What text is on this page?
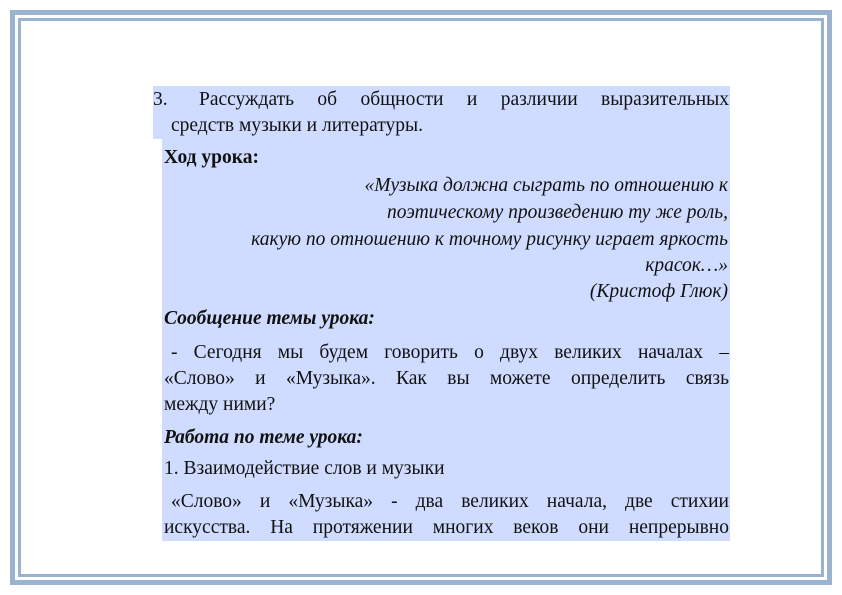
3. Рассуждать об общности и различии выразительных
средств музыки и литературы.
Ход урока:
«Музыка должна сыграть по отношению к
поэтическому произведению ту же роль,
какую по отношению к точному рисунку играет яркость
красок…»
(Кристоф Глюк)
Сообщение темы урока:
- Сегодня мы будем говорить о двух великих началах –
«Слово» и «Музыка». Как вы можете определить связь
между ними?
Работа по теме урока:
1. Взаимодействие слов и музыки
«Слово» и «Музыка» - два великих начала, две стихии
искусства. На протяжении многих веков они непрерывно
